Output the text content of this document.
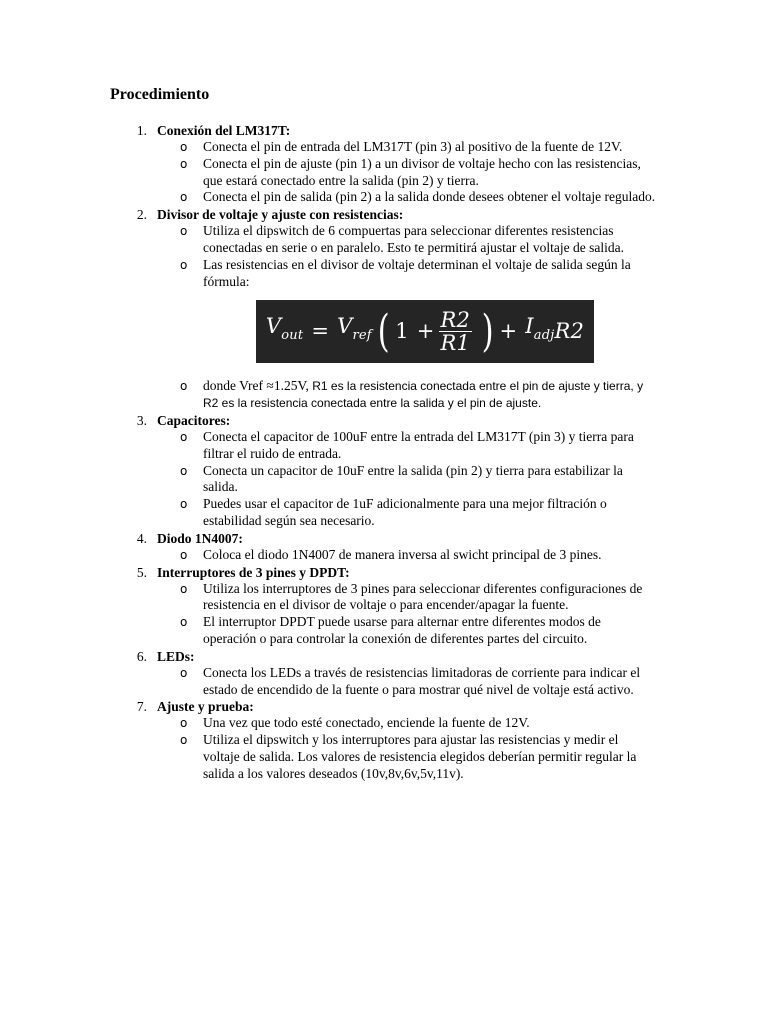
Procedimiento
1. Conexión del LM317T:
o Conecta el pin de entrada del LM317T (pin 3) al positivo de la fuente de 12V.
o Conecta el pin de ajuste (pin 1) a un divisor de voltaje hecho con las resistencias, que estará conectado entre la salida (pin 2) y tierra.
o Conecta el pin de salida (pin 2) a la salida donde desees obtener el voltaje regulado.
2. Divisor de voltaje y ajuste con resistencias:
o Utiliza el dipswitch de 6 compuertas para seleccionar diferentes resistencias conectadas en serie o en paralelo. Esto te permitirá ajustar el voltaje de salida.
o Las resistencias en el divisor de voltaje determinan el voltaje de salida según la fórmula:
$V_{out} = V_{ref}$ ( $1 + \frac{R2}{R1}$ ) + $I_{adj}$ R2
o donde Vref ≈1.25V, R1 es la resistencia conectada entre el pin de ajuste y tierra, y R2 es la resistencia conectada entre la salida y el pin de ajuste.
3. Capacitores:
o Conecta el capacitor de 100uF entre la entrada del LM317T (pin 3) y tierra para filtrar el ruido de entrada.
o Conecta un capacitor de 10uF entre la salida (pin 2) y tierra para estabilizar la salida.
o Puedes usar el capacitor de 1uF adicionalmente para una mejor filtración o estabilidad según sea necesario.
4. Diodo 1N4007:
o Coloca el diodo 1N4007 de manera inversa al swicht principal de 3 pines.
5. Interruptores de 3 pines y DPDT:
o Utiliza los interruptores de 3 pines para seleccionar diferentes configuraciones de resistencia en el divisor de voltaje o para encender/apagar la fuente.
o El interruptor DPDT puede usarse para alternar entre diferentes modos de operación o para controlar la conexión de diferentes partes del circuito.
6. LEDs:
o Conecta los LEDs a través de resistencias limitadoras de corriente para indicar el estado de encendido de la fuente o para mostrar qué nivel de voltaje está activo.
7. Ajuste y prueba:
o Una vez que todo esté conectado, enciende la fuente de 12V.
o Utiliza el dipswitch y los interruptores para ajustar las resistencias y medir el voltaje de salida. Los valores de resistencia elegidos deberían permitir regular la salida a los valores deseados (10v,8v,6v,5v,11v).
